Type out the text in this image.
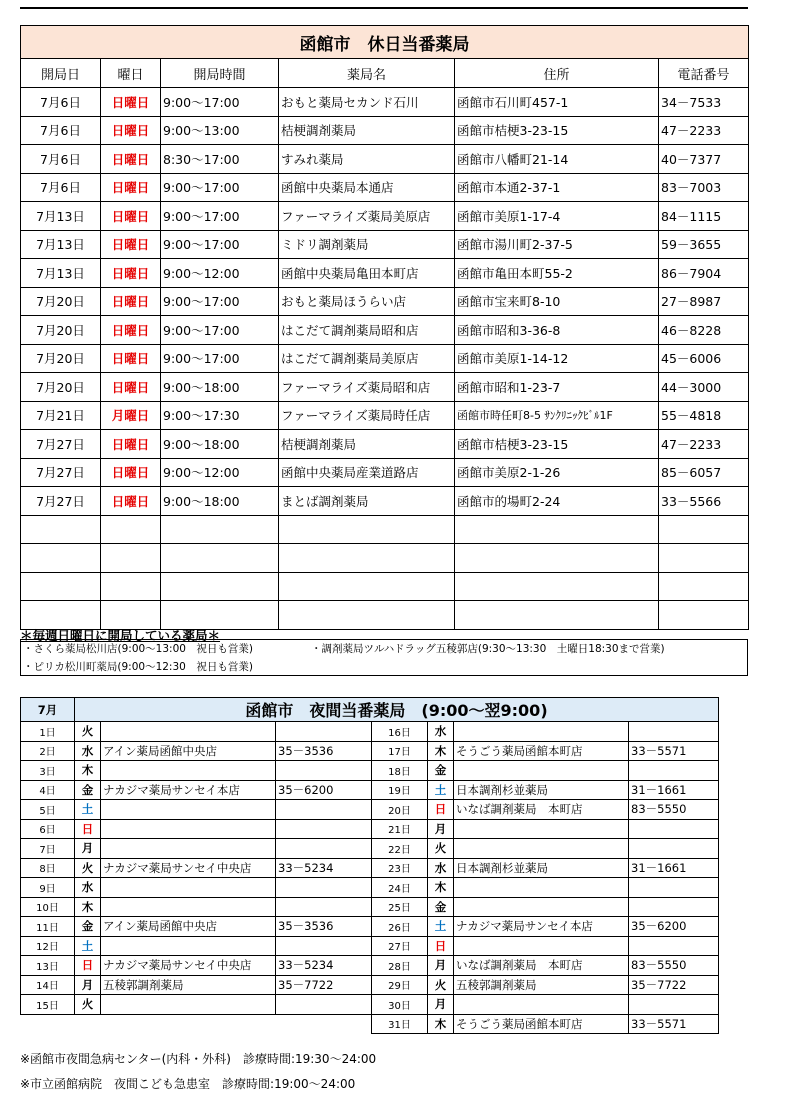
函館市　休日当番薬局					
開局日	曜日	開局時間	薬局名	住所	電話番号
7月6日	日曜日	9:00～17:00	おもと薬局セカンド石川	函館市石川町457-1	34－7533
7月6日	日曜日	9:00～13:00	桔梗調剤薬局	函館市桔梗3-23-15	47－2233
7月6日	日曜日	8:30～17:00	すみれ薬局	函館市八幡町21-14	40－7377
7月6日	日曜日	9:00～17:00	函館中央薬局本通店	函館市本通2-37-1	83－7003
7月13日	日曜日	9:00～17:00	ファーマライズ薬局美原店	函館市美原1-17-4	84－1115
7月13日	日曜日	9:00～17:00	ミドリ調剤薬局	函館市湯川町2-37-5	59－3655
7月13日	日曜日	9:00～12:00	函館中央薬局亀田本町店	函館市亀田本町55-2	86－7904
7月20日	日曜日	9:00～17:00	おもと薬局ほうらい店	函館市宝来町8-10	27－8987
7月20日	日曜日	9:00～17:00	はこだて調剤薬局昭和店	函館市昭和3-36-8	46－8228
7月20日	日曜日	9:00～17:00	はこだて調剤薬局美原店	函館市美原1-14-12	45－6006
7月20日	日曜日	9:00～18:00	ファーマライズ薬局昭和店	函館市昭和1-23-7	44－3000
7月21日	月曜日	9:00～17:30	ファーマライズ薬局時任店	函館市時任町8-5 ｻﾝｸﾘﾆｯｸﾋﾞﾙ1F	55－4818
7月27日	日曜日	9:00～18:00	桔梗調剤薬局	函館市桔梗3-23-15	47－2233
7月27日	日曜日	9:00～12:00	函館中央薬局産業道路店	函館市美原2-1-26	85－6057
7月27日	日曜日	9:00～18:00	まとば調剤薬局	函館市的場町2-24	33－5566

＊毎週日曜日に開局している薬局＊
・さくら薬局松川店(9:00～13:00　祝日も営業)	・調剤薬局ツルハドラッグ五稜郭店(9:30～13:30　土曜日18:30まで営業)
・ピリカ松川町薬局(9:00～12:30　祝日も営業)
7月	函館市　夜間当番薬局　(9:00～翌9:00)						
1日	火			16日	水		
2日	水	アイン薬局函館中央店	35－3536	17日	木	そうごう薬局函館本町店	33－5571
3日	木			18日	金		
4日	金	ナカジマ薬局サンセイ本店	35－6200	19日	土	日本調剤杉並薬局	31－1661
5日	土			20日	日	いなば調剤薬局　本町店	83－5550
6日	日			21日	月		
7日	月			22日	火		
8日	火	ナカジマ薬局サンセイ中央店	33－5234	23日	水	日本調剤杉並薬局	31－1661
9日	水			24日	木		
10日	木			25日	金		
11日	金	アイン薬局函館中央店	35－3536	26日	土	ナカジマ薬局サンセイ本店	35－6200
12日	土			27日	日		
13日	日	ナカジマ薬局サンセイ中央店	33－5234	28日	月	いなば調剤薬局　本町店	83－5550
14日	月	五稜郭調剤薬局	35－7722	29日	火	五稜郭調剤薬局	35－7722
15日	火			30日	月		
				31日	木	そうごう薬局函館本町店	33－5571
※函館市夜間急病センター(内科・外科)　診療時間:19:30～24:00
※市立函館病院　夜間こども急患室　診療時間:19:00～24:00
